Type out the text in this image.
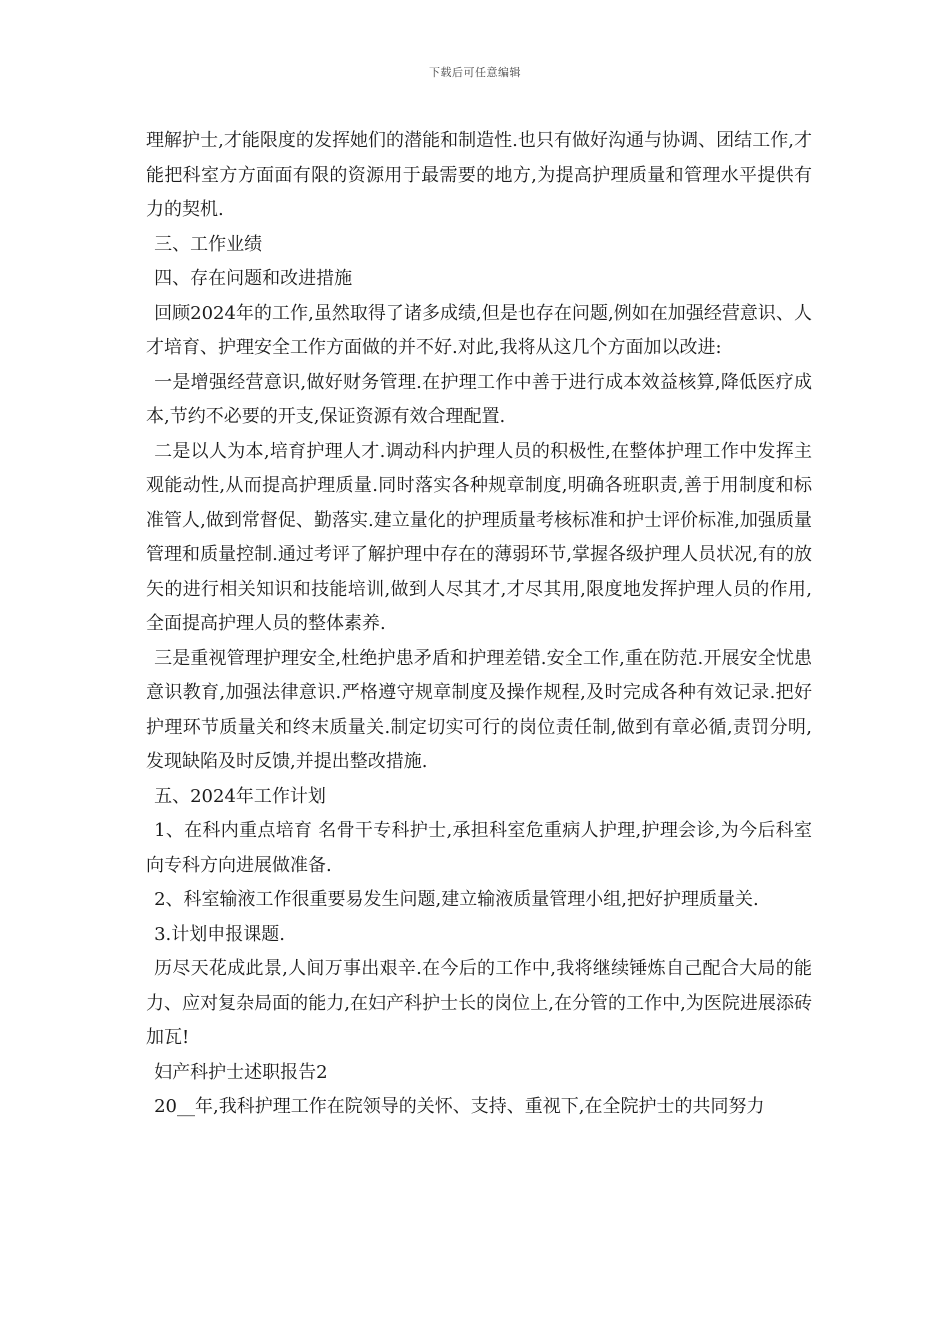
下载后可任意编辑

理解护士,才能限度的发挥她们的潜能和制造性.也只有做好沟通与协调、团结工作,才能把科室方方面面有限的资源用于最需要的地方,为提高护理质量和管理水平提供有力的契机.

三、工作业绩

四、存在问题和改进措施

回顾2024年的工作,虽然取得了诸多成绩,但是也存在问题,例如在加强经营意识、人才培育、护理安全工作方面做的并不好.对此,我将从这几个方面加以改进:

一是增强经营意识,做好财务管理.在护理工作中善于进行成本效益核算,降低医疗成本,节约不必要的开支,保证资源有效合理配置.

二是以人为本,培育护理人才.调动科内护理人员的积极性,在整体护理工作中发挥主观能动性,从而提高护理质量.同时落实各种规章制度,明确各班职责,善于用制度和标准管人,做到常督促、勤落实.建立量化的护理质量考核标准和护士评价标准,加强质量管理和质量控制.通过考评了解护理中存在的薄弱环节,掌握各级护理人员状况,有的放矢的进行相关知识和技能培训,做到人尽其才,才尽其用,限度地发挥护理人员的作用,全面提高护理人员的整体素养.

三是重视管理护理安全,杜绝护患矛盾和护理差错.安全工作,重在防范.开展安全忧患意识教育,加强法律意识.严格遵守规章制度及操作规程,及时完成各种有效记录.把好护理环节质量关和终末质量关.制定切实可行的岗位责任制,做到有章必循,责罚分明,发现缺陷及时反馈,并提出整改措施.

五、2024年工作计划

1、在科内重点培育 名骨干专科护士,承担科室危重病人护理,护理会诊,为今后科室向专科方向进展做准备.

2、科室输液工作很重要易发生问题,建立输液质量管理小组,把好护理质量关.

3.计划申报课题.

历尽天花成此景,人间万事出艰辛.在今后的工作中,我将继续锤炼自己配合大局的能力、应对复杂局面的能力,在妇产科护士长的岗位上,在分管的工作中,为医院进展添砖加瓦!

妇产科护士述职报告2

20__年,我科护理工作在院领导的关怀、支持、重视下,在全院护士的共同努力
